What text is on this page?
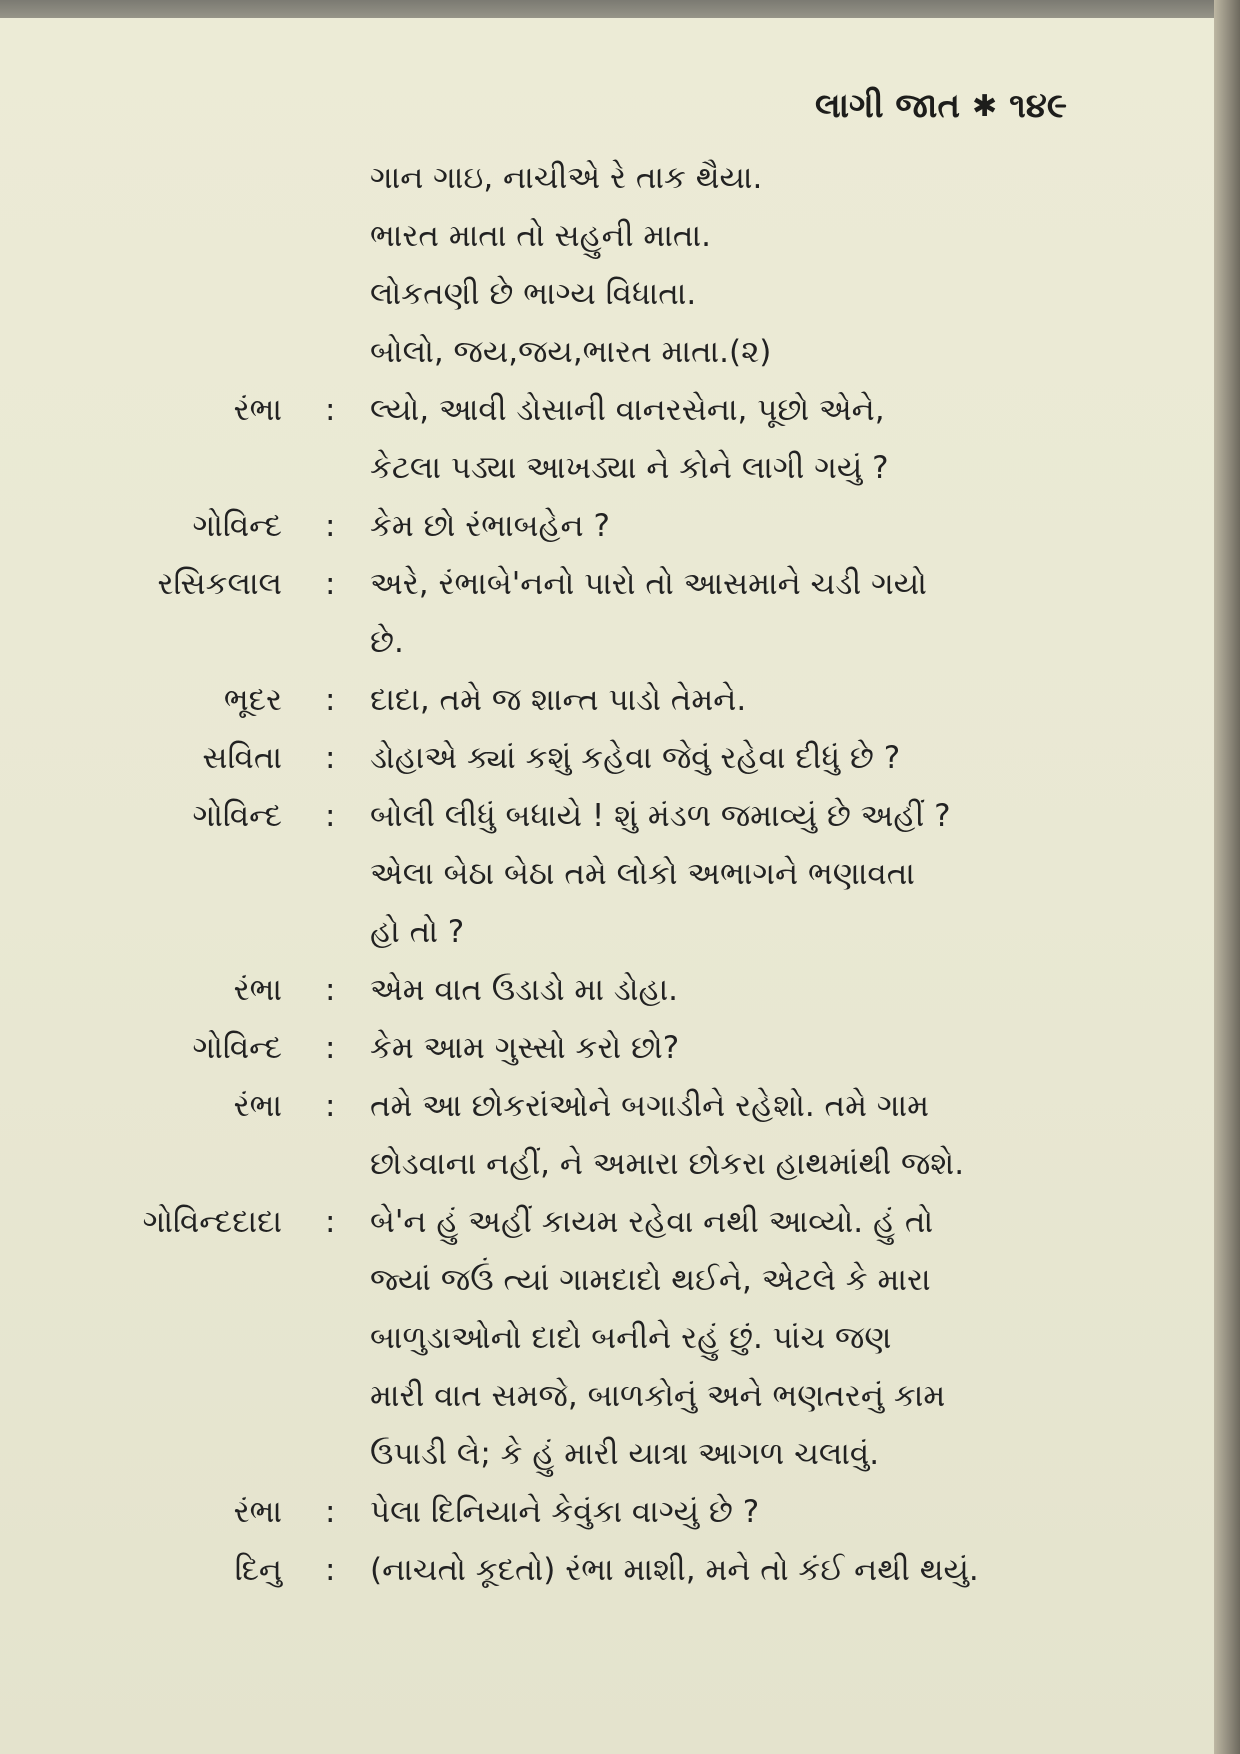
લાગી જાત ✱ ૧૪૯
ગાન ગાઇ, નાચીએ રે તાક થૈયા.
ભારત માતા તો સહુની માતા.
લોકતણી છે ભાગ્ય વિધાતા.
બોલો, જય,જય,ભારત માતા.(૨)
રંભા : લ્યો, આવી ડોસાની વાનરસેના, પૂછો એને,
કેટલા પડ્યા આખડ્યા ને કોને લાગી ગયું ?
ગોવિન્દ : કેમ છો રંભાબહેન ?
રસિકલાલ : અરે, રંભાબે'નનો પારો તો આસમાને ચડી ગયો
છે.
ભૂદર : દાદા, તમે જ શાન્ત પાડો તેમને.
સવિતા : ડોહાએ ક્યાં કશું કહેવા જેવું રહેવા દીધું છે ?
ગોવિન્દ : બોલી લીધું બધાયે ! શું મંડળ જમાવ્યું છે અહીં ?
એલા બેઠા બેઠા તમે લોકો અભાગને ભણાવતા
હો તો ?
રંભા : એમ વાત ઉડાડો મા ડોહા.
ગોવિન્દ : કેમ આમ ગુસ્સો કરો છો?
રંભા : તમે આ છોકરાંઓને બગાડીને રહેશો. તમે ગામ
છોડવાના નહીં, ને અમારા છોકરા હાથમાંથી જશે.
ગોવિન્દદાદા : બે'ન હું અહીં કાયમ રહેવા નથી આવ્યો. હું તો
જ્યાં જઉં ત્યાં ગામદાદો થઈને, એટલે કે મારા
બાળુડાઓનો દાદો બનીને રહું છું. પાંચ જણ
મારી વાત સમજે, બાળકોનું અને ભણતરનું કામ
ઉપાડી લે; કે હું મારી યાત્રા આગળ ચલાવું.
રંભા : પેલા દિનિયાને કેવુંકા વાગ્યું છે ?
દિનુ : (નાચતો કૂદતો) રંભા માશી, મને તો કંઈ નથી થયું.
